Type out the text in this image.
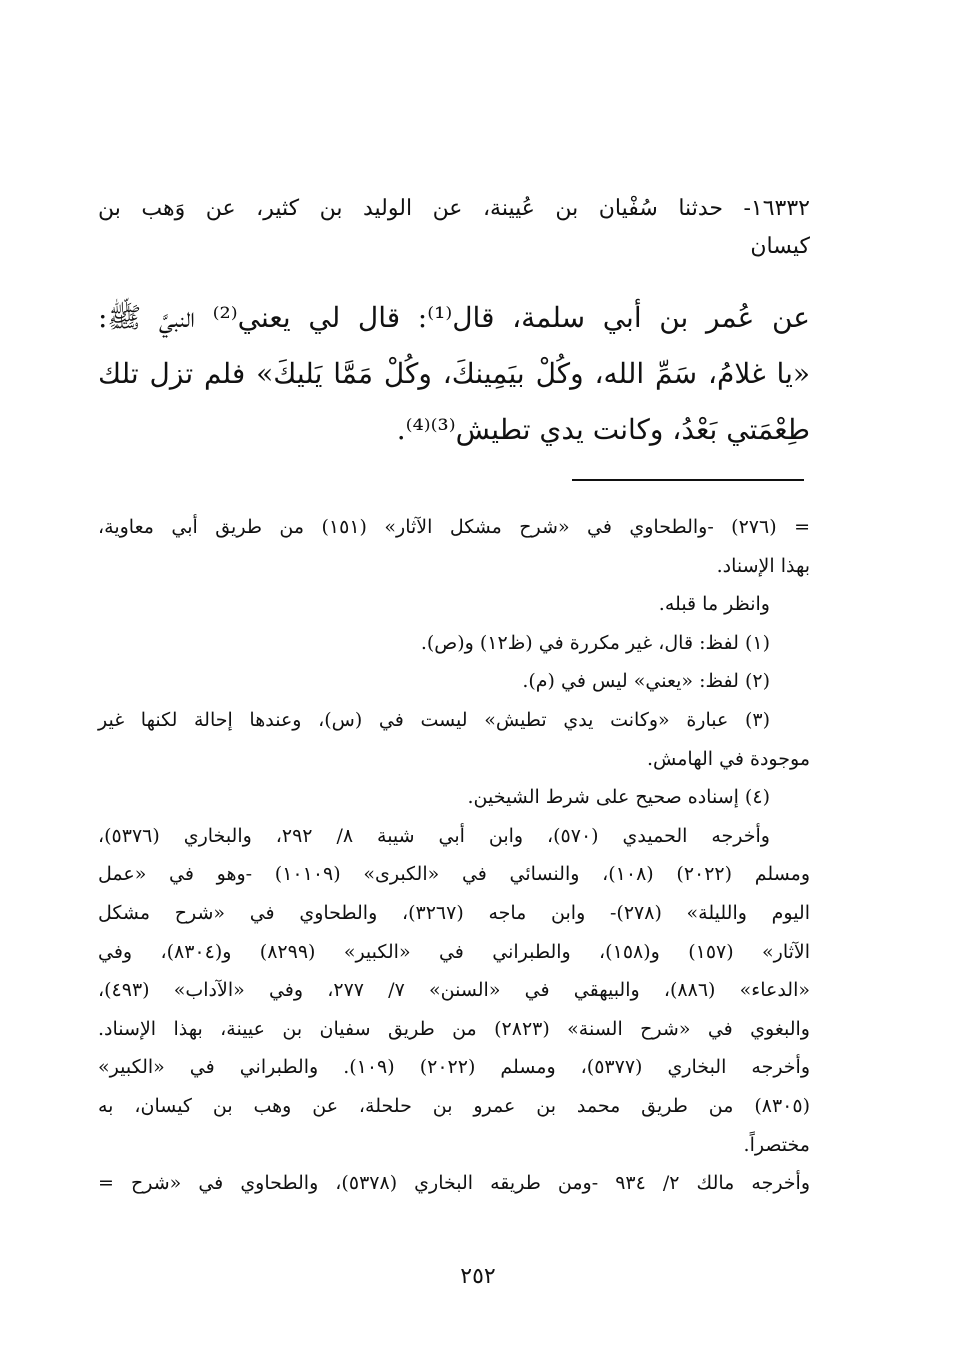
١٦٣٣٢- حدثنا سُفْيان بن عُيينة، عن الوليد بن كثير، عن وَهب بن
كيسان
عن عُمر بن أبي سلمة، قال⁽¹⁾: قال لي يعني⁽²⁾ النبيَّ ﷺ:
«يا غلامُ، سَمِّ الله، وكُلْ بيَمِينكَ، وكُلْ مَمَّا يَليكَ» فلم تزل تلك
طِعْمَتي بَعْدُ، وكانت يدي تطيش⁽³⁾⁽⁴⁾.
= (٢٧٦) -والطحاوي في «شرح مشكل الآثار» (١٥١) من طريق أبي معاوية،
بهذا الإسناد.
وانظر ما قبله.
(١) لفظ: قال، غير مكررة في (ظ١٢) و(ص).
(٢) لفظ: «يعني» ليس في (م).
(٣) عبارة «وكانت يدي تطيش» ليست في (س)، وعندها إحالة لكنها غير
موجودة في الهامش.
(٤) إسناده صحيح على شرط الشيخين.
وأخرجه الحميدي (٥٧٠)، وابن أبي شيبة ٨/ ٢٩٢، والبخاري (٥٣٧٦)،
ومسلم (٢٠٢٢) (١٠٨)، والنسائي في «الكبرى» (١٠١٠٩) -وهو في «عمل
اليوم والليلة» (٢٧٨)- وابن ماجه (٣٢٦٧)، والطحاوي في «شرح مشكل
الآثار» (١٥٧) و(١٥٨)، والطبراني في «الكبير» (٨٢٩٩) و(٨٣٠٤)، وفي
«الدعاء» (٨٨٦)، والبيهقي في «السنن» ٧/ ٢٧٧، وفي «الآداب» (٤٩٣)،
والبغوي في «شرح السنة» (٢٨٢٣) من طريق سفيان بن عيينة، بهذا الإسناد.
وأخرجه البخاري (٥٣٧٧)، ومسلم (٢٠٢٢) (١٠٩). والطبراني في «الكبير»
(٨٣٠٥) من طريق محمد بن عمرو بن حلحلة، عن وهب بن كيسان، به
مختصراً.
وأخرجه مالك ٢/ ٩٣٤ -ومن طريقه البخاري (٥٣٧٨)، والطحاوي في «شرح =
٢٥٢
